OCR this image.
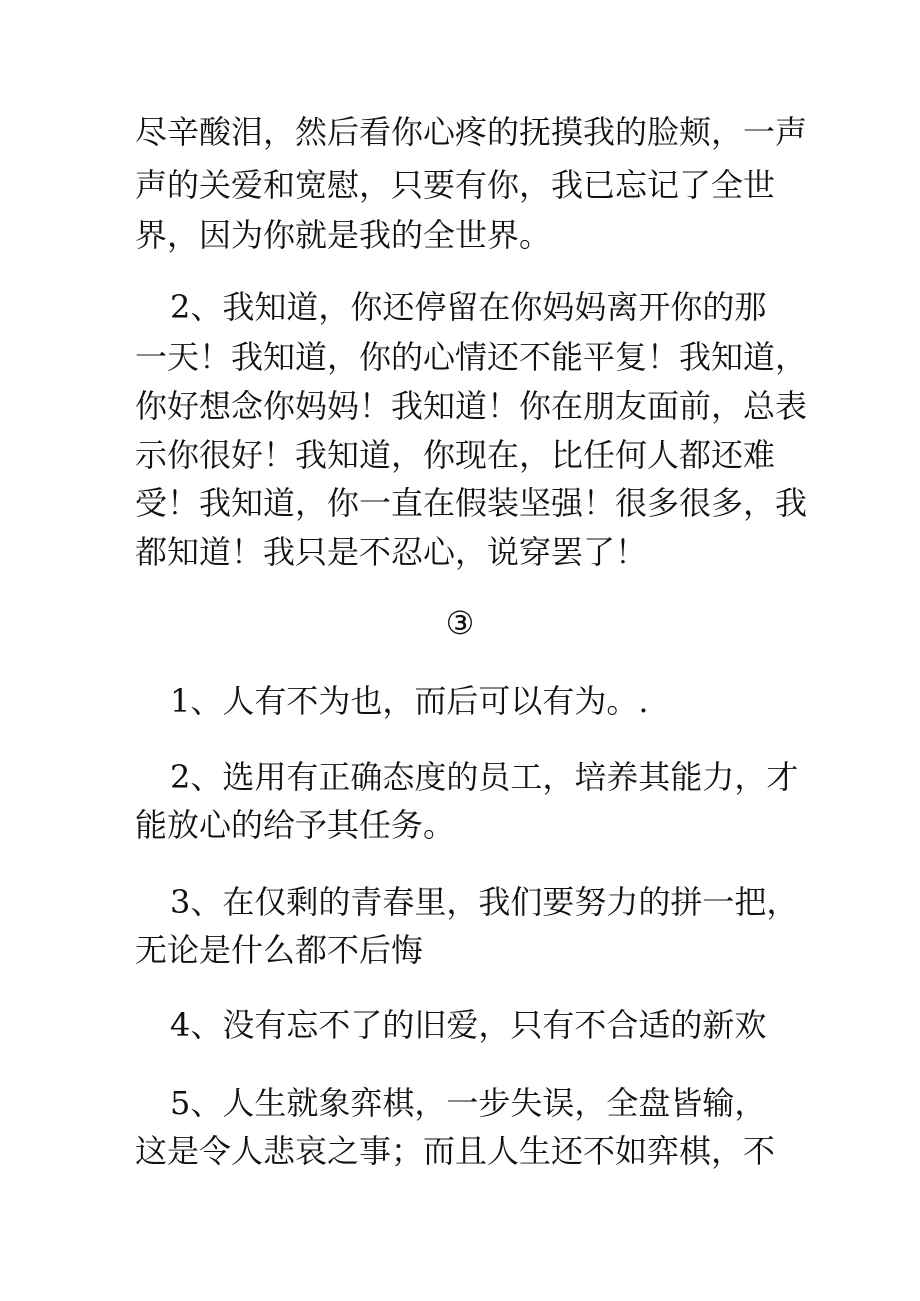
尽辛酸泪，然后看你心疼的抚摸我的脸颊，一声
声的关爱和宽慰，只要有你，我已忘记了全世
界，因为你就是我的全世界。
2、我知道，你还停留在你妈妈离开你的那
一天！我知道，你的心情还不能平复！我知道，
你好想念你妈妈！我知道！你在朋友面前，总表
示你很好！我知道，你现在，比任何人都还难
受！我知道，你一直在假装坚强！很多很多，我
都知道！我只是不忍心，说穿罢了！
③
1、人有不为也，而后可以有为。.
2、选用有正确态度的员工，培养其能力，才
能放心的给予其任务。
3、在仅剩的青春里，我们要努力的拼一把，
无论是什么都不后悔
4、没有忘不了的旧爱，只有不合适的新欢
5、人生就象弈棋，一步失误，全盘皆输，
这是令人悲哀之事；而且人生还不如弈棋，不
